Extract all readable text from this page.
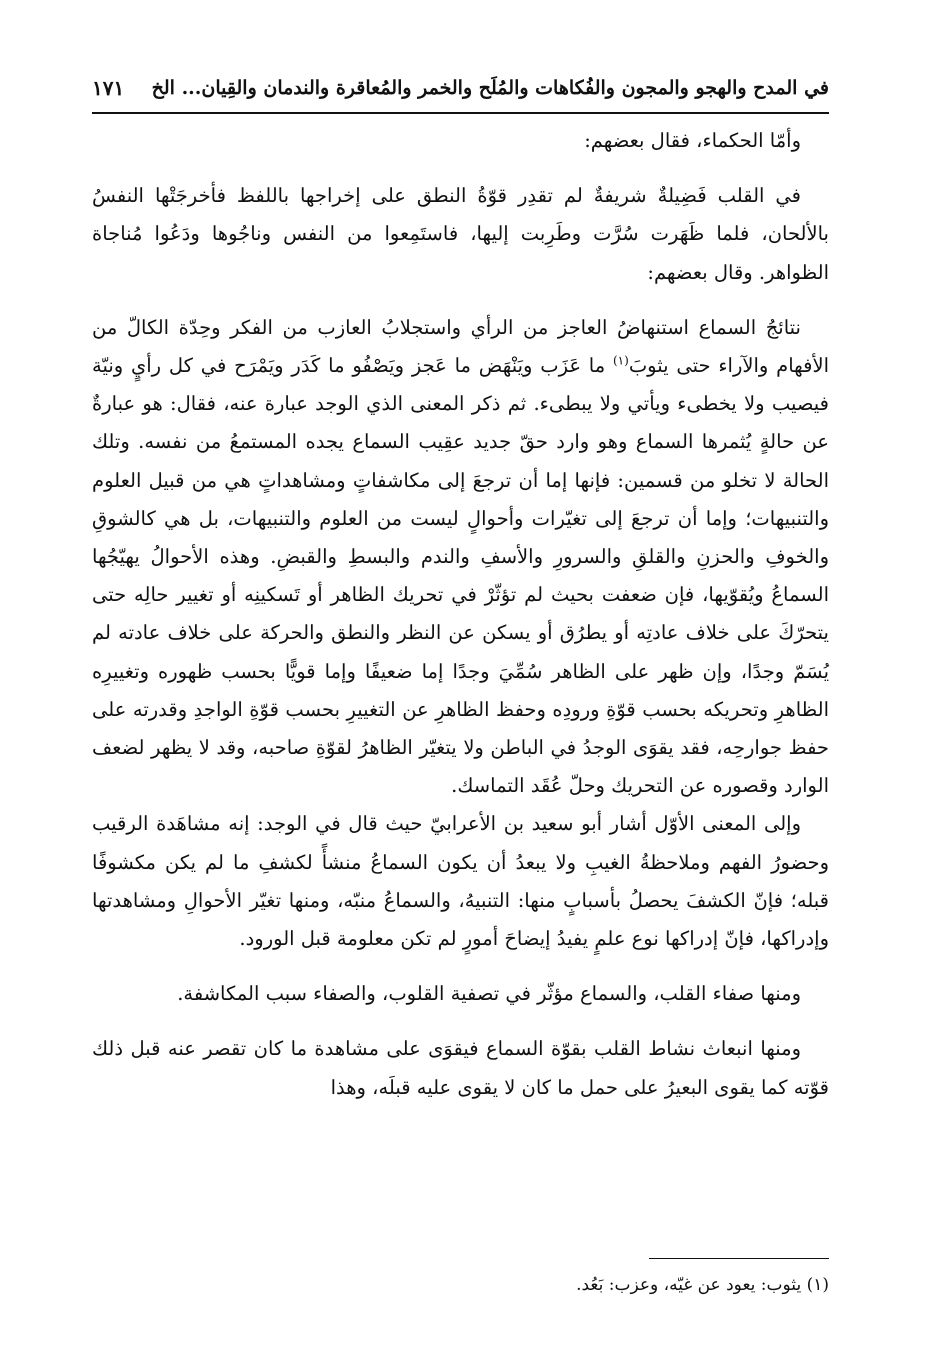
في المدح والهجو والمجون والفُكاهات والمُلَح والخمر والمُعاقرة والندمان والقِيان... الخ
١٧١

وأمّا الحكماء، فقال بعضهم:

في القلب فَضِيلةٌ شريفةٌ لم تقدِر قوّةُ النطق على إخراجها باللفظ فأخرجَتْها النفسُ بالألحان، فلما ظَهَرت سُرَّت وطَرِبت إليها، فاستَمِعوا من النفس وناجُوها ودَعُوا مُناجاة الظواهر. وقال بعضهم:

نتائجُ السماع استنهاضُ العاجز من الرأي واستجلابُ العازب من الفكر وحِدّة الكالّ من الأفهام والآراء حتى يثوبَ$^{(١)}$ ما عَزَب ويَنْهَض ما عَجز ويَصْفُو ما كَدَر ويَمْرَح في كل رأيٍ ونيّة فيصيب ولا يخطىء ويأتي ولا يبطىء. ثم ذكر المعنى الذي الوجد عبارة عنه، فقال: هو عبارةٌ عن حالةٍ يُثمرها السماع وهو وارد حقّ جديد عقِيب السماع يجده المستمعُ من نفسه. وتلك الحالة لا تخلو من قسمين: فإنها إما أن ترجعَ إلى مكاشفاتٍ ومشاهداتٍ هي من قبيل العلوم والتنبيهات؛ وإما أن ترجعَ إلى تغيّرات وأحوالٍ ليست من العلوم والتنبيهات، بل هي كالشوقِ والخوفِ والحزنِ والقلقِ والسرورِ والأسفِ والندم والبسطِ والقبضِ. وهذه الأحوالُ يهيّجُها السماعُ ويُقوّيها، فإن ضعفت بحيث لم تؤثّرْ في تحريك الظاهر أو تَسكينِه أو تغيير حالِه حتى يتحرّكَ على خلاف عادتِه أو يطرُق أو يسكن عن النظر والنطق والحركة على خلاف عادته لم يُسَمّ وجدًا، وإن ظهر على الظاهر سُمِّيَ وجدًا إما ضعيفًا وإما قويًّا بحسب ظهوره وتغييرِه الظاهرِ وتحريكه بحسب قوّةِ ورودِه وحفظ الظاهرِ عن التغييرِ بحسب قوّةِ الواجدِ وقدرته على حفظ جوارحِه، فقد يقوَى الوجدُ في الباطن ولا يتغيّر الظاهرُ لقوّةِ صاحبه، وقد لا يظهر لضعف الوارد وقصوره عن التحريك وحلّ عُقَد التماسك.

وإلى المعنى الأوّل أشار أبو سعيد بن الأعرابيّ حيث قال في الوجد: إنه مشاهَدة الرقيب وحضورُ الفهم وملاحظةُ الغيبِ ولا يبعدُ أن يكون السماعُ منشأً لكشفِ ما لم يكن مكشوفًا قبله؛ فإنّ الكشفَ يحصلُ بأسبابٍ منها: التنبيهُ، والسماعُ منبّه، ومنها تغيّر الأحوالِ ومشاهدتها وإدراكها، فإنّ إدراكها نوع علمٍ يفيدُ إيضاحَ أمورٍ لم تكن معلومة قبل الورود.

ومنها صفاء القلب، والسماع مؤثّر في تصفية القلوب، والصفاء سبب المكاشفة.

ومنها انبعاث نشاط القلب بقوّة السماع فيقوَى على مشاهدة ما كان تقصر عنه قبل ذلك قوّته كما يقوى البعيرُ على حمل ما كان لا يقوى عليه قبلَه، وهذا

(١) يثوب: يعود عن غيّه، وعزب: بَعُد.
